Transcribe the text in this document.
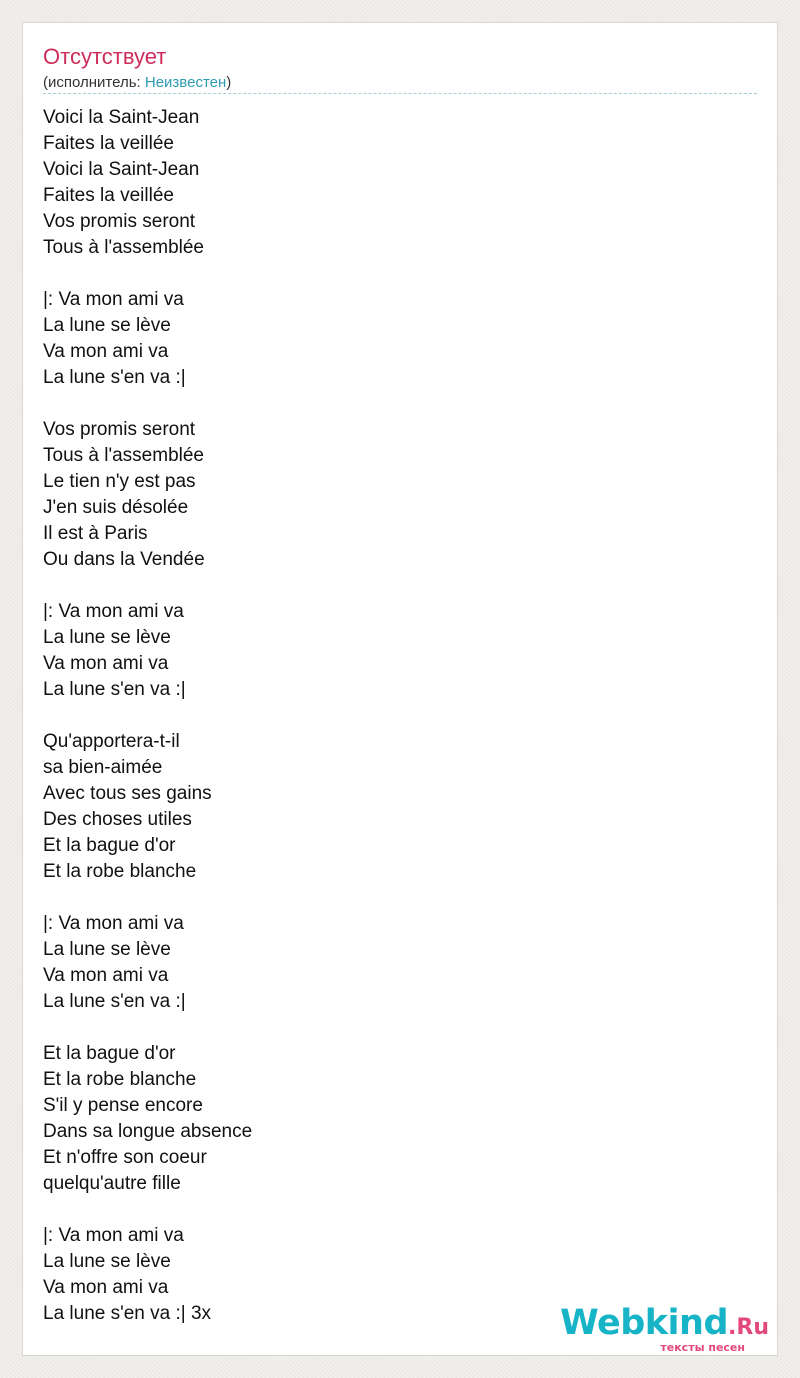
Отсутствует
(исполнитель: Неизвестен)
Voici la Saint-Jean
Faites la veillée
Voici la Saint-Jean
Faites la veillée
Vos promis seront
Tous à l'assemblée
|: Va mon ami va
La lune se lève
Va mon ami va
La lune s'en va :|
Vos promis seront
Tous à l'assemblée
Le tien n'y est pas
J'en suis désolée
Il est à Paris
Ou dans la Vendée
|: Va mon ami va
La lune se lève
Va mon ami va
La lune s'en va :|
Qu'apportera-t-il
sa bien-aimée
Avec tous ses gains
Des choses utiles
Et la bague d'or
Et la robe blanche
|: Va mon ami va
La lune se lève
Va mon ami va
La lune s'en va :|
Et la bague d'or
Et la robe blanche
S'il y pense encore
Dans sa longue absence
Et n'offre son coeur
quelqu'autre fille
|: Va mon ami va
La lune se lève
Va mon ami va
La lune s'en va :| 3x	Webkind.Ru
тексты песен
